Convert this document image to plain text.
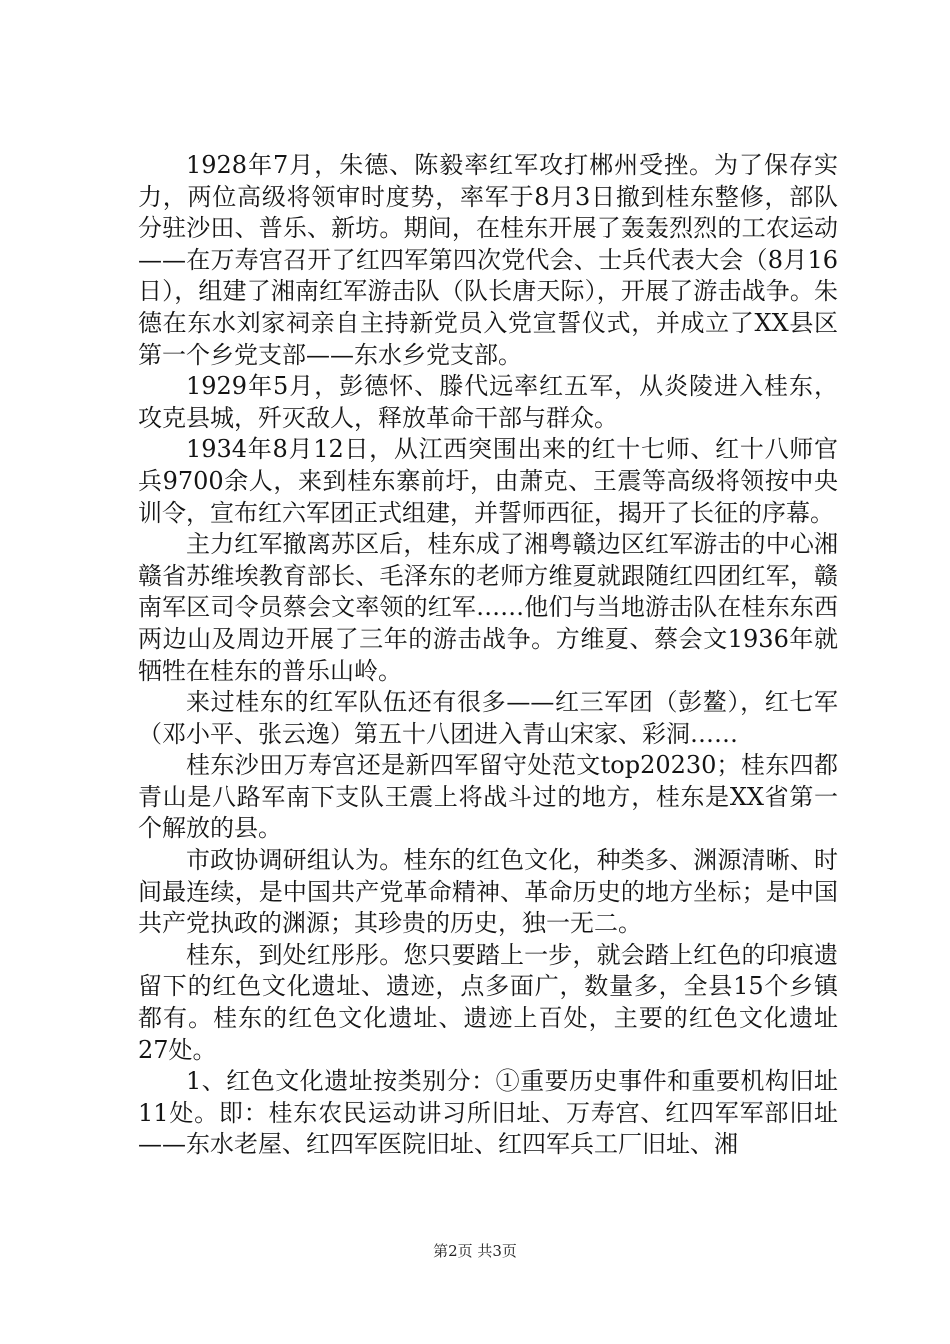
1928年7月，朱德、陈毅率红军攻打郴州受挫。为了保存实力，两位高级将领审时度势，率军于8月3日撤到桂东整修，部队分驻沙田、普乐、新坊。期间，在桂东开展了轰轰烈烈的工农运动——在万寿宫召开了红四军第四次党代会、士兵代表大会（8月16日），组建了湘南红军游击队（队长唐天际），开展了游击战争。朱德在东水刘家祠亲自主持新党员入党宣誓仪式，并成立了XX县区第一个乡党支部——东水乡党支部。

1929年5月，彭德怀、滕代远率红五军，从炎陵进入桂东，攻克县城，歼灭敌人，释放革命干部与群众。

1934年8月12日，从江西突围出来的红十七师、红十八师官兵9700余人，来到桂东寨前圩，由萧克、王震等高级将领按中央训令，宣布红六军团正式组建，并誓师西征，揭开了长征的序幕。

主力红军撤离苏区后，桂东成了湘粤赣边区红军游击的中心湘赣省苏维埃教育部长、毛泽东的老师方维夏就跟随红四团红军，赣南军区司令员蔡会文率领的红军……他们与当地游击队在桂东东西两边山及周边开展了三年的游击战争。方维夏、蔡会文1936年就牺牲在桂东的普乐山岭。

来过桂东的红军队伍还有很多——红三军团（彭鳌），红七军（邓小平、张云逸）第五十八团进入青山宋家、彩洞……

桂东沙田万寿宫还是新四军留守处范文top20230；桂东四都青山是八路军南下支队王震上将战斗过的地方，桂东是XX省第一个解放的县。

市政协调研组认为。桂东的红色文化，种类多、渊源清晰、时间最连续，是中国共产党革命精神、革命历史的地方坐标；是中国共产党执政的渊源；其珍贵的历史，独一无二。

桂东，到处红彤彤。您只要踏上一步，就会踏上红色的印痕遗留下的红色文化遗址、遗迹，点多面广，数量多，全县15个乡镇都有。桂东的红色文化遗址、遗迹上百处，主要的红色文化遗址27处。

1、红色文化遗址按类别分：①重要历史事件和重要机构旧址11处。即：桂东农民运动讲习所旧址、万寿宫、红四军军部旧址——东水老屋、红四军医院旧址、红四军兵工厂旧址、湘

第2页 共3页
